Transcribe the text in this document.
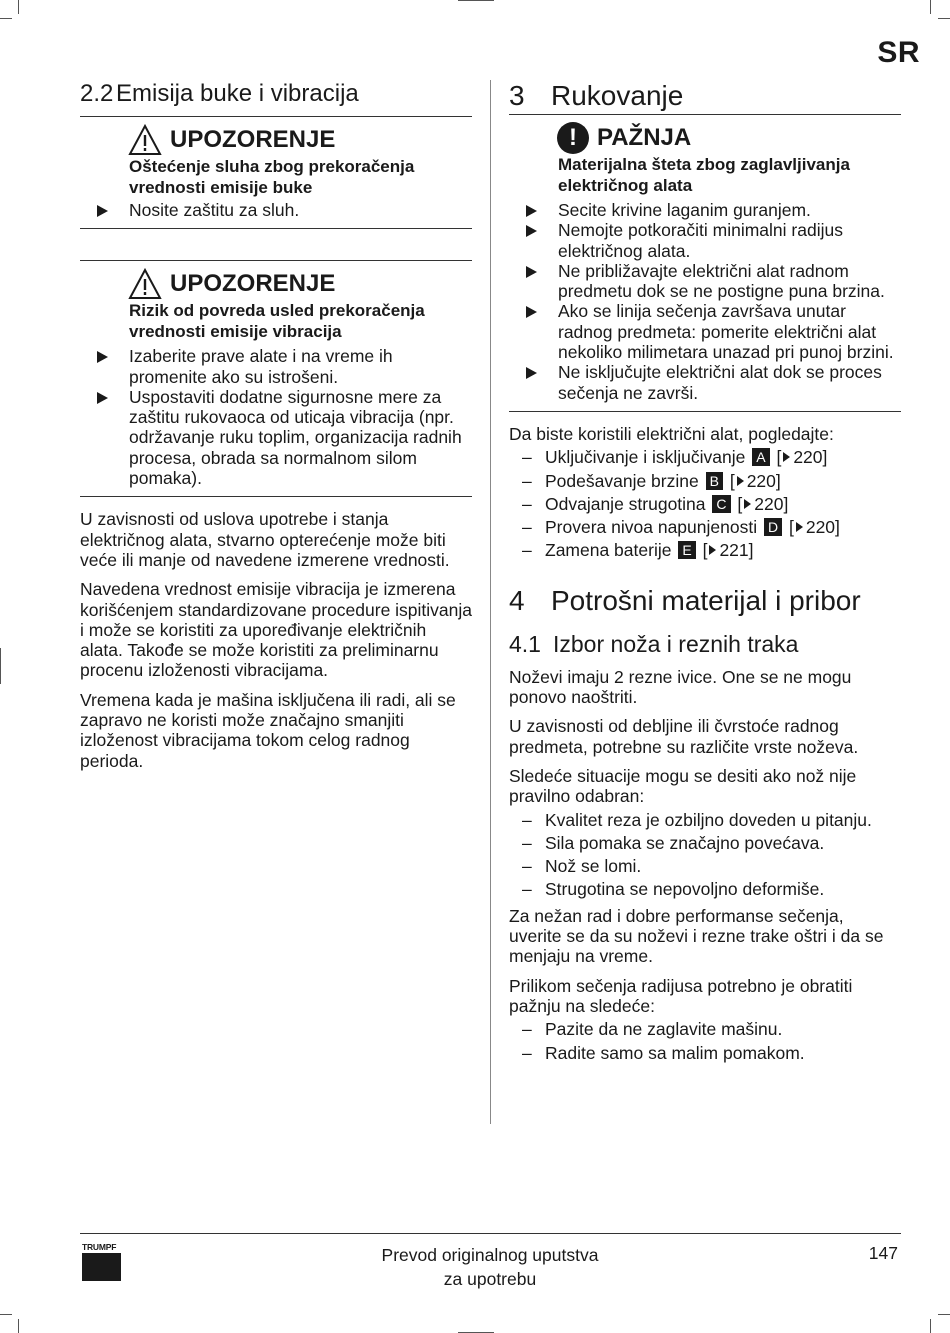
SR
2.2 Emisija buke i vibracija
UPOZORENJE
Oštećenje sluha zbog prekoračenja vrednosti emisije buke
Nosite zaštitu za sluh.
UPOZORENJE
Rizik od povreda usled prekoračenja vrednosti emisije vibracija
Izaberite prave alate i na vreme ih promenite ako su istrošeni.
Uspostaviti dodatne sigurnosne mere za zaštitu rukovaoca od uticaja vibracija (npr. održavanje ruku toplim, organizacija radnih procesa, obrada sa normalnom silom pomaka).

U zavisnosti od uslova upotrebe i stanja električnog alata, stvarno opterećenje može biti veće ili manje od navedene izmerene vrednosti.

Navedena vrednost emisije vibracija je izmerena korišćenjem standardizovane procedure ispitivanja i može se koristiti za upoređivanje električnih alata. Takođe se može koristiti za preliminarnu procenu izloženosti vibracijama.

Vremena kada je mašina isključena ili radi, ali se zapravo ne koristi može značajno smanjiti izloženost vibracijama tokom celog radnog perioda.

3 Rukovanje
! PAŽNJA
Materijalna šteta zbog zaglavljivanja električnog alata
Secite krivine laganim guranjem.
Nemojte potkoračiti minimalni radijus električnog alata.
Ne približavajte električni alat radnom predmetu dok se ne postigne puna brzina.
Ako se linija sečenja završava unutar radnog predmeta: pomerite električni alat nekoliko milimetara unazad pri punoj brzini.
Ne isključujte električni alat dok se proces sečenja ne završi.

Da biste koristili električni alat, pogledajte:

– Uključivanje i isključivanje A [ 220]
– Podešavanje brzine B [ 220]
– Odvajanje strugotina C [ 220]
– Provera nivoa napunjenosti D [ 220]
– Zamena baterije E [ 221]
4 Potrošni materijal i pribor
4.1 Izbor noža i reznih traka

Noževi imaju 2 rezne ivice. One se ne mogu ponovo naoštriti.

U zavisnosti od debljine ili čvrstoće radnog predmeta, potrebne su različite vrste noževa.

Sledeće situacije mogu se desiti ako nož nije pravilno odabran:

– Kvalitet reza je ozbiljno doveden u pitanju.
– Sila pomaka se značajno povećava.
– Nož se lomi.
– Strugotina se nepovoljno deformiše.

Za nežan rad i dobre performanse sečenja, uverite se da su noževi i rezne trake oštri i da se menjaju na vreme.

Prilikom sečenja radijusa potrebno je obratiti pažnju na sledeće:

– Pazite da ne zaglavite mašinu.
– Radite samo sa malim pomakom.
TRUMPF	Prevod originalnog uputstva
za upotrebu
147
